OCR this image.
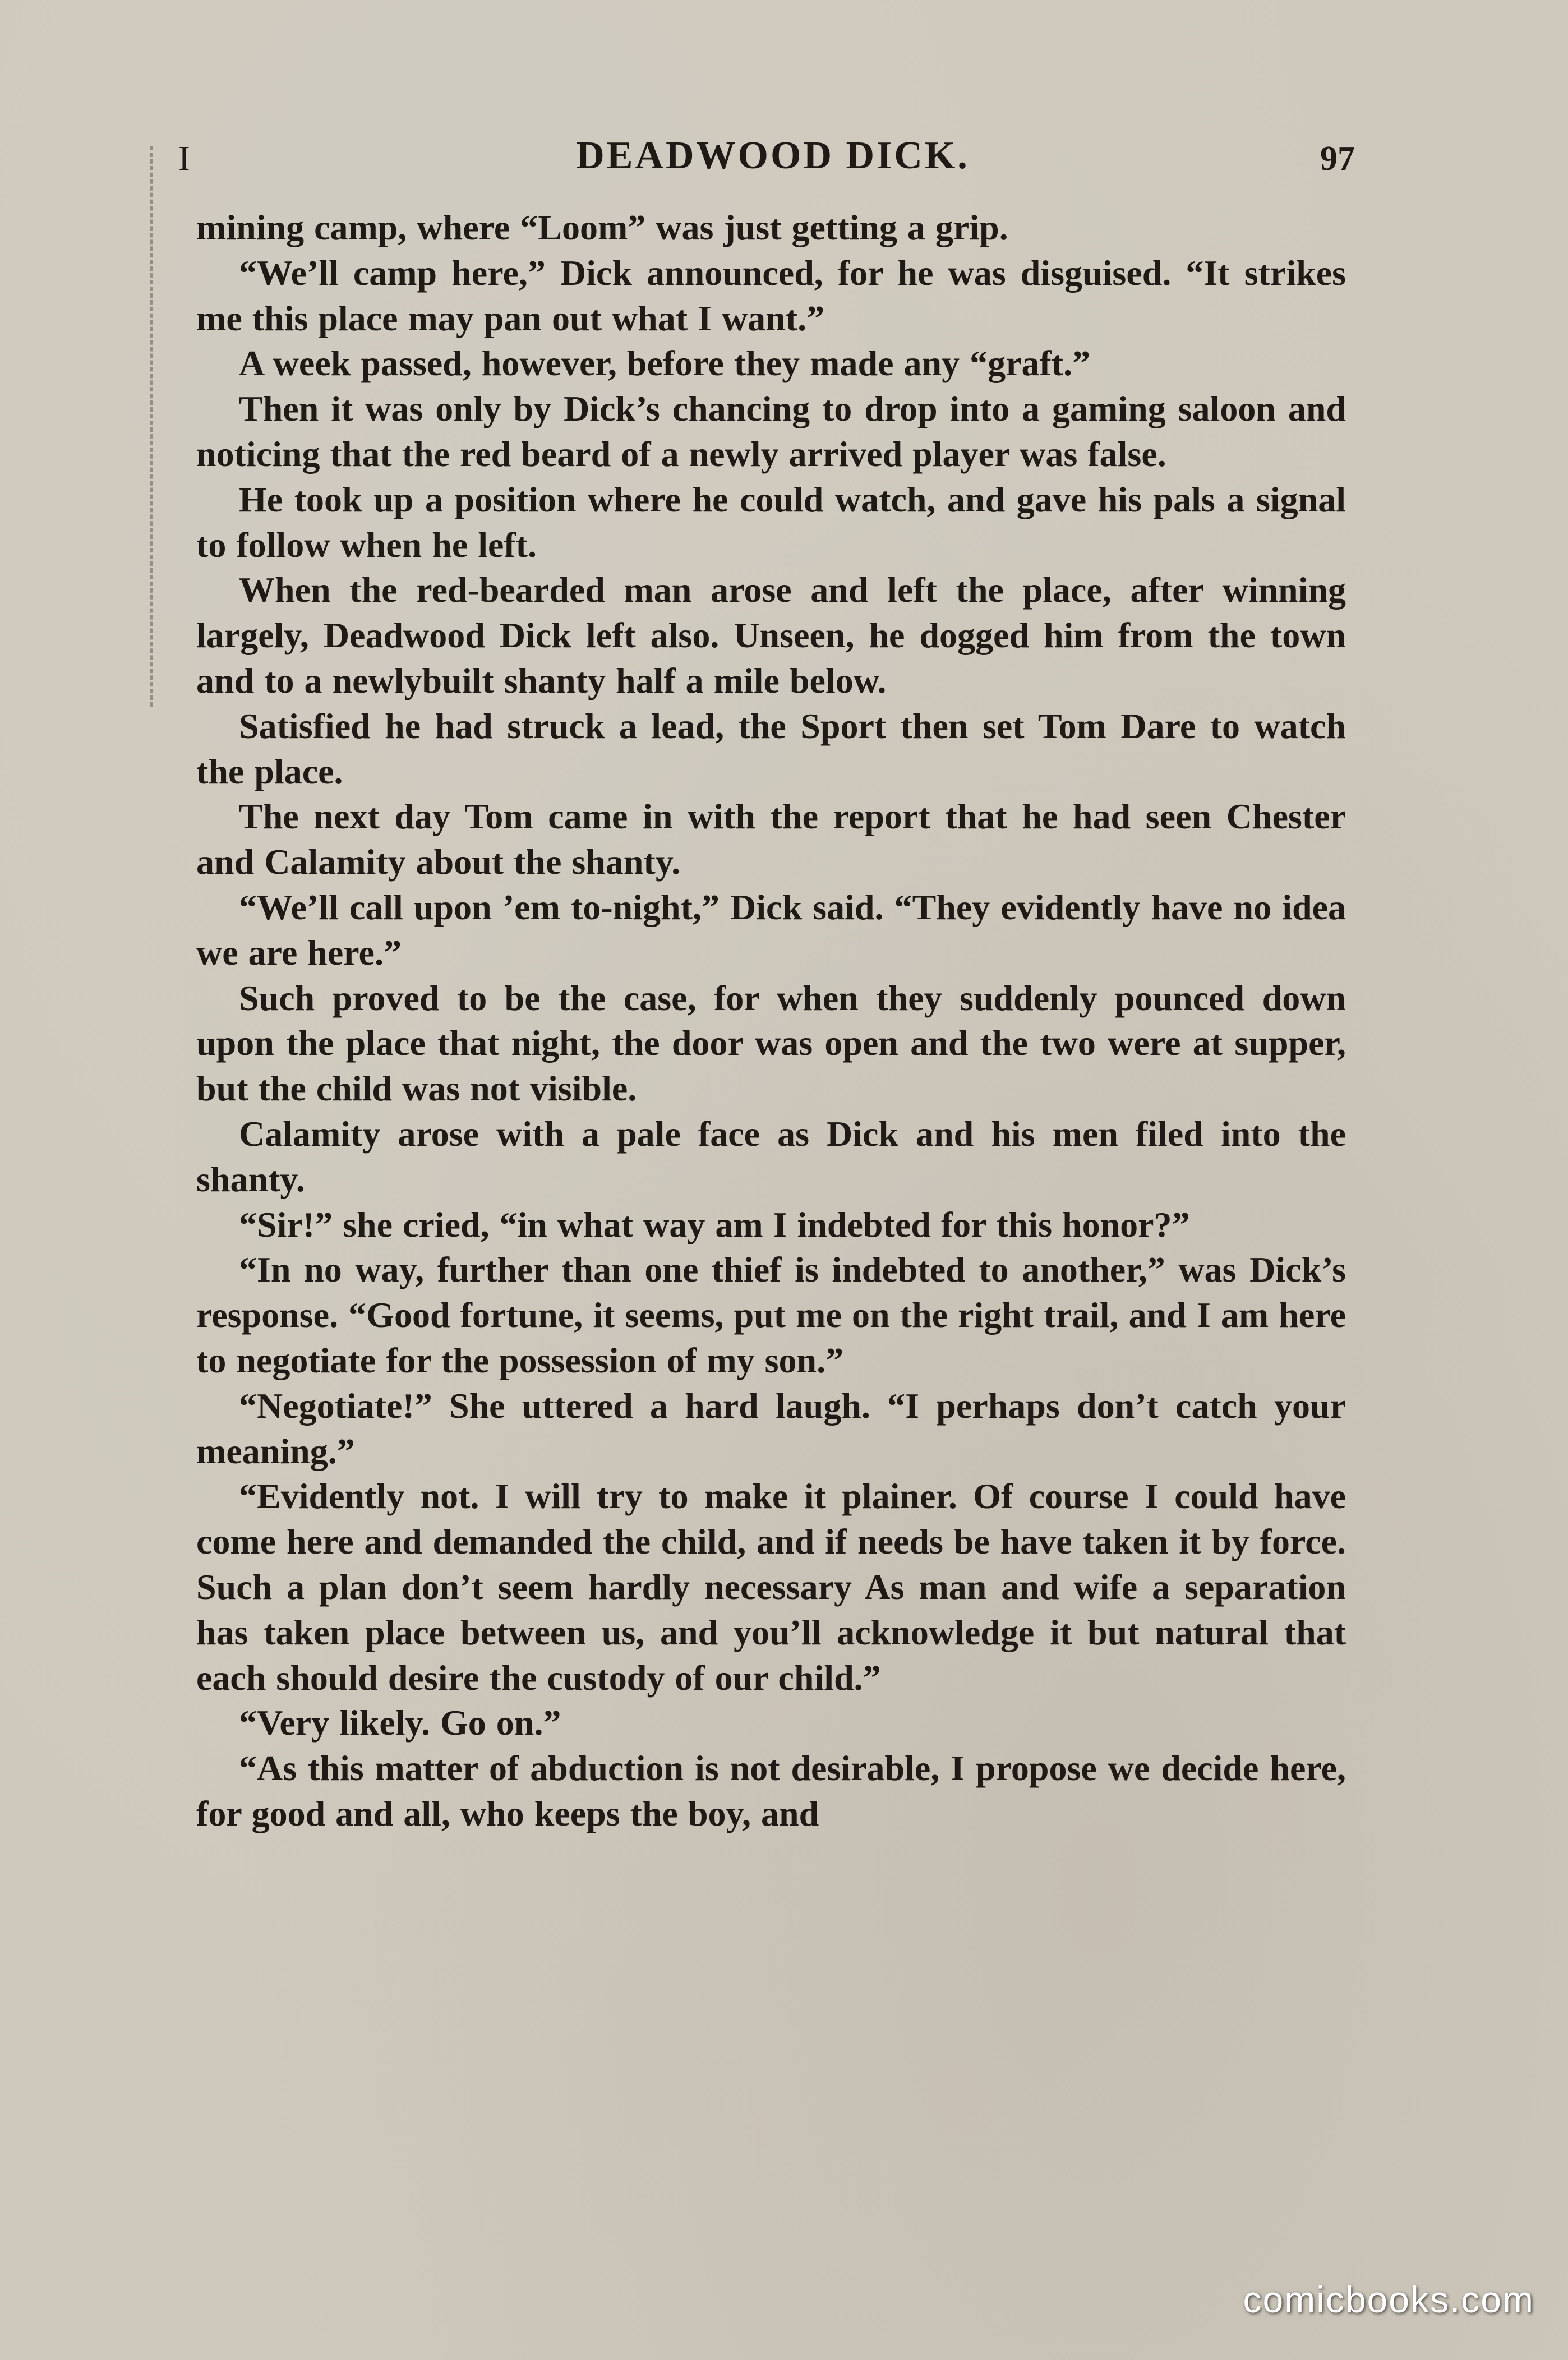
I	DEADWOOD DICK.	97

mining camp, where “Loom” was just getting a grip.

“We’ll camp here,” Dick announced, for he was disguised. “It strikes me this place may pan out what I want.”

A week passed, however, before they made any “graft.”

Then it was only by Dick’s chancing to drop into a gaming saloon and noticing that the red beard of a newly arrived player was false.

He took up a position where he could watch, and gave his pals a signal to follow when he left.

When the red-bearded man arose and left the place, after winning largely, Deadwood Dick left also. Unseen, he dogged him from the town and to a newlybuilt shanty half a mile below.

Satisfied he had struck a lead, the Sport then set Tom Dare to watch the place.

The next day Tom came in with the report that he had seen Chester and Calamity about the shanty.

“We’ll call upon ’em to-night,” Dick said. “They evidently have no idea we are here.”

Such proved to be the case, for when they suddenly pounced down upon the place that night, the door was open and the two were at supper, but the child was not visible.

Calamity arose with a pale face as Dick and his men filed into the shanty.

“Sir!” she cried, “in what way am I indebted for this honor?”

“In no way, further than one thief is indebted to another,” was Dick’s response. “Good fortune, it seems, put me on the right trail, and I am here to negotiate for the possession of my son.”

“Negotiate!” She uttered a hard laugh. “I perhaps don’t catch your meaning.”

“Evidently not. I will try to make it plainer. Of course I could have come here and demanded the child, and if needs be have taken it by force. Such a plan don’t seem hardly necessary As man and wife a separation has taken place between us, and you’ll acknowledge it but natural that each should desire the custody of our child.”

“Very likely. Go on.”

“As this matter of abduction is not desirable, I propose we decide here, for good and all, who keeps the boy, and

comicbooks.com
